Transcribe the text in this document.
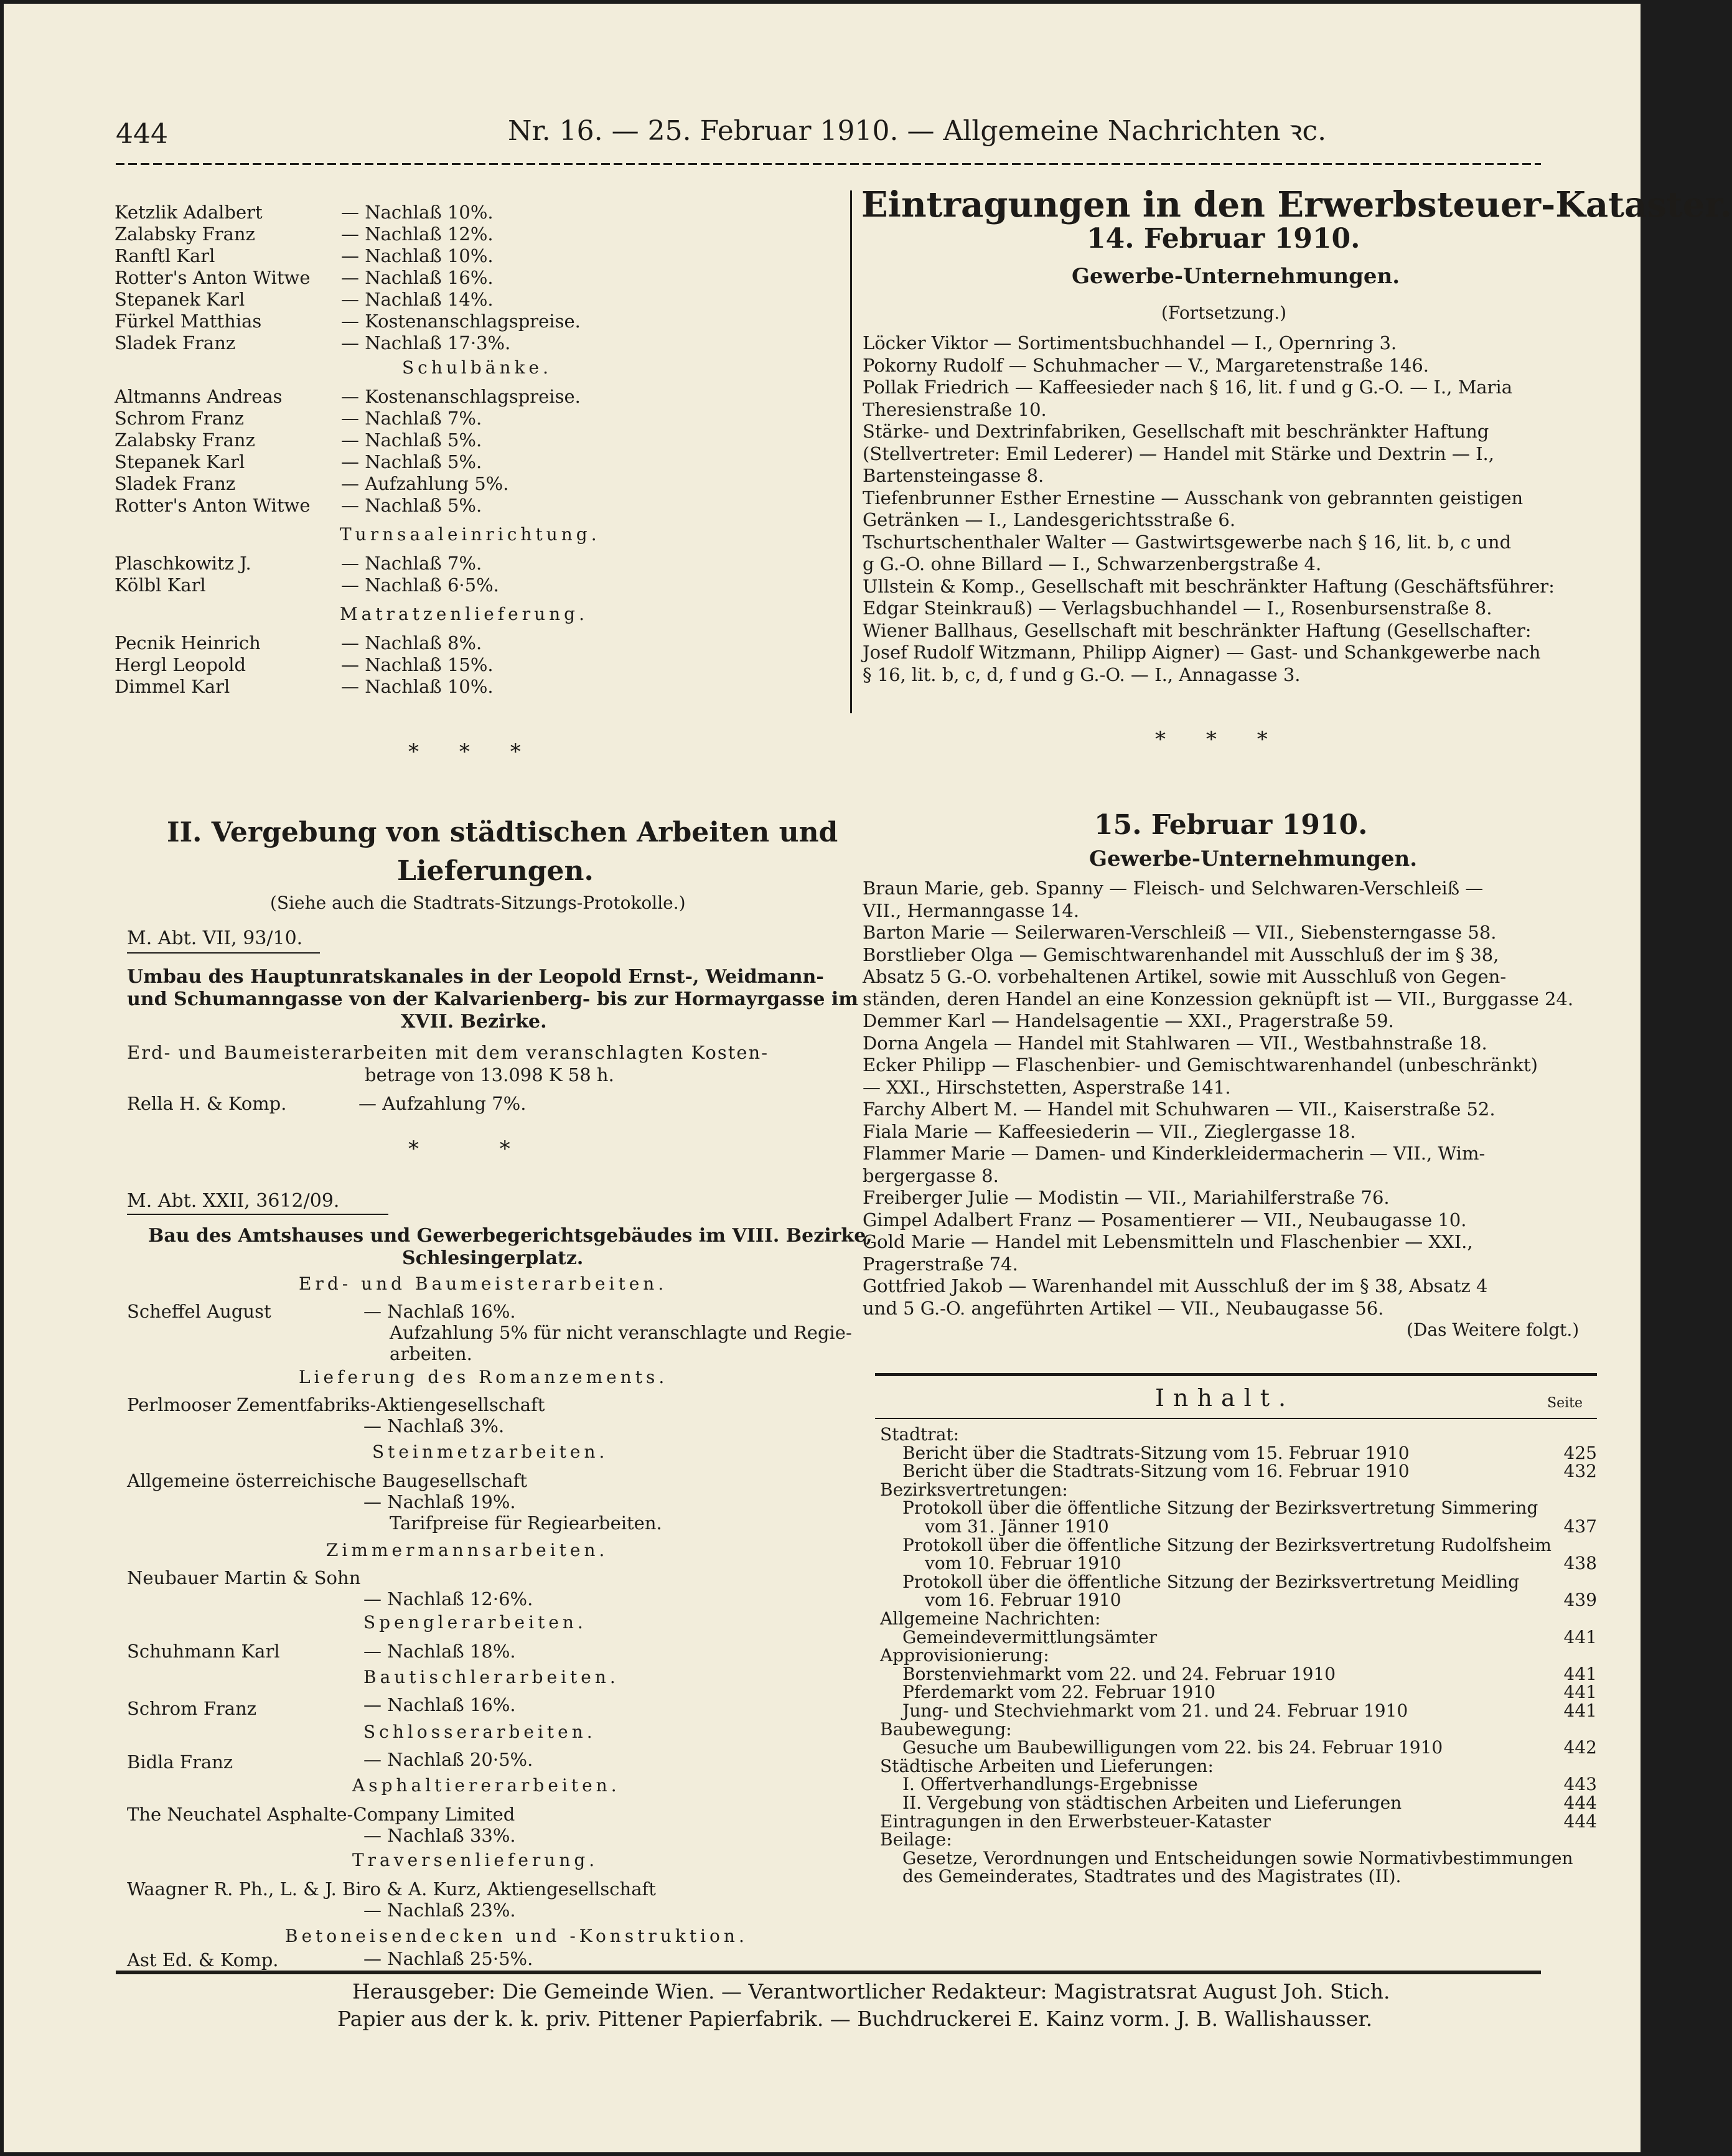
444	Nr. 16. — 25. Februar 1910. — Allgemeine Nachrichten ꝛc.
Ketzlik Adalbert	— Nachlaß 10%.
Zalabsky Franz	— Nachlaß 12%.
Ranftl Karl	— Nachlaß 10%.
Rotter's Anton Witwe — Nachlaß 16%.
Stepanek Karl	— Nachlaß 14%.
Fürkel Matthias	— Kostenanschlagspreise.
Sladek Franz	— Nachlaß 17·3%.
Schulbänke.
Altmanns Andreas	— Kostenanschlagspreise.
Schrom Franz	— Nachlaß 7%.
Zalabsky Franz	— Nachlaß 5%.
Stepanek Karl	— Nachlaß 5%.
Sladek Franz	— Aufzahlung 5%.
Rotter's Anton Witwe — Nachlaß 5%.
Turnsaaleinrichtung.
Plaschkowitz J.	— Nachlaß 7%.
Kölbl Karl	— Nachlaß 6·5%.
Matratzenlieferung.
Pecnik Heinrich	— Nachlaß 8%.
Hergl Leopold	— Nachlaß 15%.
Dimmel Karl	— Nachlaß 10%.
*      *      *
II. Vergebung von städtischen Arbeiten und
Lieferungen.
(Siehe auch die Stadtrats-Sitzungs-Protokolle.)
M. Abt. VII, 93/10.
Umbau des Hauptunratskanales in der Leopold Ernst-, Weidmann-
und Schumanngasse von der Kalvarienberg- bis zur Hormayrgasse im
XVII. Bezirke.
Erd- und Baumeisterarbeiten mit dem veranschlagten Kosten-
betrage von 13.098 K 58 h.
Rella H. & Komp.	— Aufzahlung 7%.
*            *
M. Abt. XXII, 3612/09.
Bau des Amtshauses und Gewerbegerichtsgebäudes im VIII. Bezirke,
Schlesingerplatz.
Erd- und Baumeisterarbeiten.
Scheffel August	— Nachlaß 16%.
Aufzahlung 5% für nicht veranschlagte und Regie-
arbeiten.
Lieferung des Romanzements.
Perlmooser Zementfabriks-Aktiengesellschaft
— Nachlaß 3%.
Steinmetzarbeiten.
Allgemeine österreichische Baugesellschaft
— Nachlaß 19%.
Tarifpreise für Regiearbeiten.
Zimmermannsarbeiten.
Neubauer Martin & Sohn
— Nachlaß 12·6%.
Spenglerarbeiten.
Schuhmann Karl	— Nachlaß 18%.
Bautischlerarbeiten.
Schrom Franz	— Nachlaß 16%.
Schlosserarbeiten.
Bidla Franz	— Nachlaß 20·5%.
Asphaltiererarbeiten.
The Neuchatel Asphalte-Company Limited
— Nachlaß 33%.
Traversenlieferung.
Waagner R. Ph., L. & J. Biro & A. Kurz, Aktiengesellschaft
— Nachlaß 23%.
Betoneisendecken und -Konstruktion.
Ast Ed. & Komp.	— Nachlaß 25·5%.
Eintragungen in den Erwerbsteuer-Kataster.
14. Februar 1910.
Gewerbe-Unternehmungen.
(Fortsetzung.)
Löcker Viktor — Sortimentsbuchhandel — I., Opernring 3.
Pokorny Rudolf — Schuhmacher — V., Margaretenstraße 146.
Pollak Friedrich — Kaffeesieder nach § 16, lit. f und g G.-O. — I., Maria
Theresienstraße 10.
Stärke- und Dextrinfabriken, Gesellschaft mit beschränkter Haftung
(Stellvertreter: Emil Lederer) — Handel mit Stärke und Dextrin — I.,
Bartensteingasse 8.
Tiefenbrunner Esther Ernestine — Ausschank von gebrannten geistigen
Getränken — I., Landesgerichtsstraße 6.
Tschurtschenthaler Walter — Gastwirtsgewerbe nach § 16, lit. b, c und
g G.-O. ohne Billard — I., Schwarzenbergstraße 4.
Ullstein & Komp., Gesellschaft mit beschränkter Haftung (Geschäftsführer:
Edgar Steinkrauß) — Verlagsbuchhandel — I., Rosenbursenstraße 8.
Wiener Ballhaus, Gesellschaft mit beschränkter Haftung (Gesellschafter:
Josef Rudolf Witzmann, Philipp Aigner) — Gast- und Schankgewerbe nach
§ 16, lit. b, c, d, f und g G.-O. — I., Annagasse 3.
*      *      *
15. Februar 1910.
Gewerbe-Unternehmungen.
Braun Marie, geb. Spanny — Fleisch- und Selchwaren-Verschleiß —
VII., Hermanngasse 14.
Barton Marie — Seilerwaren-Verschleiß — VII., Siebensterngasse 58.
Borstlieber Olga — Gemischtwarenhandel mit Ausschluß der im § 38,
Absatz 5 G.-O. vorbehaltenen Artikel, sowie mit Ausschluß von Gegen-
ständen, deren Handel an eine Konzession geknüpft ist — VII., Burggasse 24.
Demmer Karl — Handelsagentie — XXI., Pragerstraße 59.
Dorna Angela — Handel mit Stahlwaren — VII., Westbahnstraße 18.
Ecker Philipp — Flaschenbier- und Gemischtwarenhandel (unbeschränkt)
— XXI., Hirschstetten, Asperstraße 141.
Farchy Albert M. — Handel mit Schuhwaren — VII., Kaiserstraße 52.
Fiala Marie — Kaffeesiederin — VII., Zieglergasse 18.
Flammer Marie — Damen- und Kinderkleidermacherin — VII., Wim-
bergergasse 8.
Freiberger Julie — Modistin — VII., Mariahilferstraße 76.
Gimpel Adalbert Franz — Posamentierer — VII., Neubaugasse 10.
Gold Marie — Handel mit Lebensmitteln und Flaschenbier — XXI.,
Pragerstraße 74.
Gottfried Jakob — Warenhandel mit Ausschluß der im § 38, Absatz 4
und 5 G.-O. angeführten Artikel — VII., Neubaugasse 56.
(Das Weitere folgt.)
Inhalt.	Seite
Stadtrat:
Bericht über die Stadtrats-Sitzung vom 15. Februar 1910	425
Bericht über die Stadtrats-Sitzung vom 16. Februar 1910	432
Bezirksvertretungen:
Protokoll über die öffentliche Sitzung der Bezirksvertretung Simmering
vom 31. Jänner 1910	437
Protokoll über die öffentliche Sitzung der Bezirksvertretung Rudolfsheim
vom 10. Februar 1910	438
Protokoll über die öffentliche Sitzung der Bezirksvertretung Meidling
vom 16. Februar 1910	439
Allgemeine Nachrichten:
Gemeindevermittlungsämter	441
Approvisionierung:
Borstenviehmarkt vom 22. und 24. Februar 1910	441
Pferdemarkt vom 22. Februar 1910	441
Jung- und Stechviehmarkt vom 21. und 24. Februar 1910	441
Baubewegung:
Gesuche um Baubewilligungen vom 22. bis 24. Februar 1910	442
Städtische Arbeiten und Lieferungen:
I. Offertverhandlungs-Ergebnisse	443
II. Vergebung von städtischen Arbeiten und Lieferungen	444
Eintragungen in den Erwerbsteuer-Kataster	444
Beilage:
Gesetze, Verordnungen und Entscheidungen sowie Normativbestimmungen
des Gemeinderates, Stadtrates und des Magistrates (II).
Herausgeber: Die Gemeinde Wien. — Verantwortlicher Redakteur: Magistratsrat August Joh. Stich.
Papier aus der k. k. priv. Pittener Papierfabrik. — Buchdruckerei E. Kainz vorm. J. B. Wallishausser.
